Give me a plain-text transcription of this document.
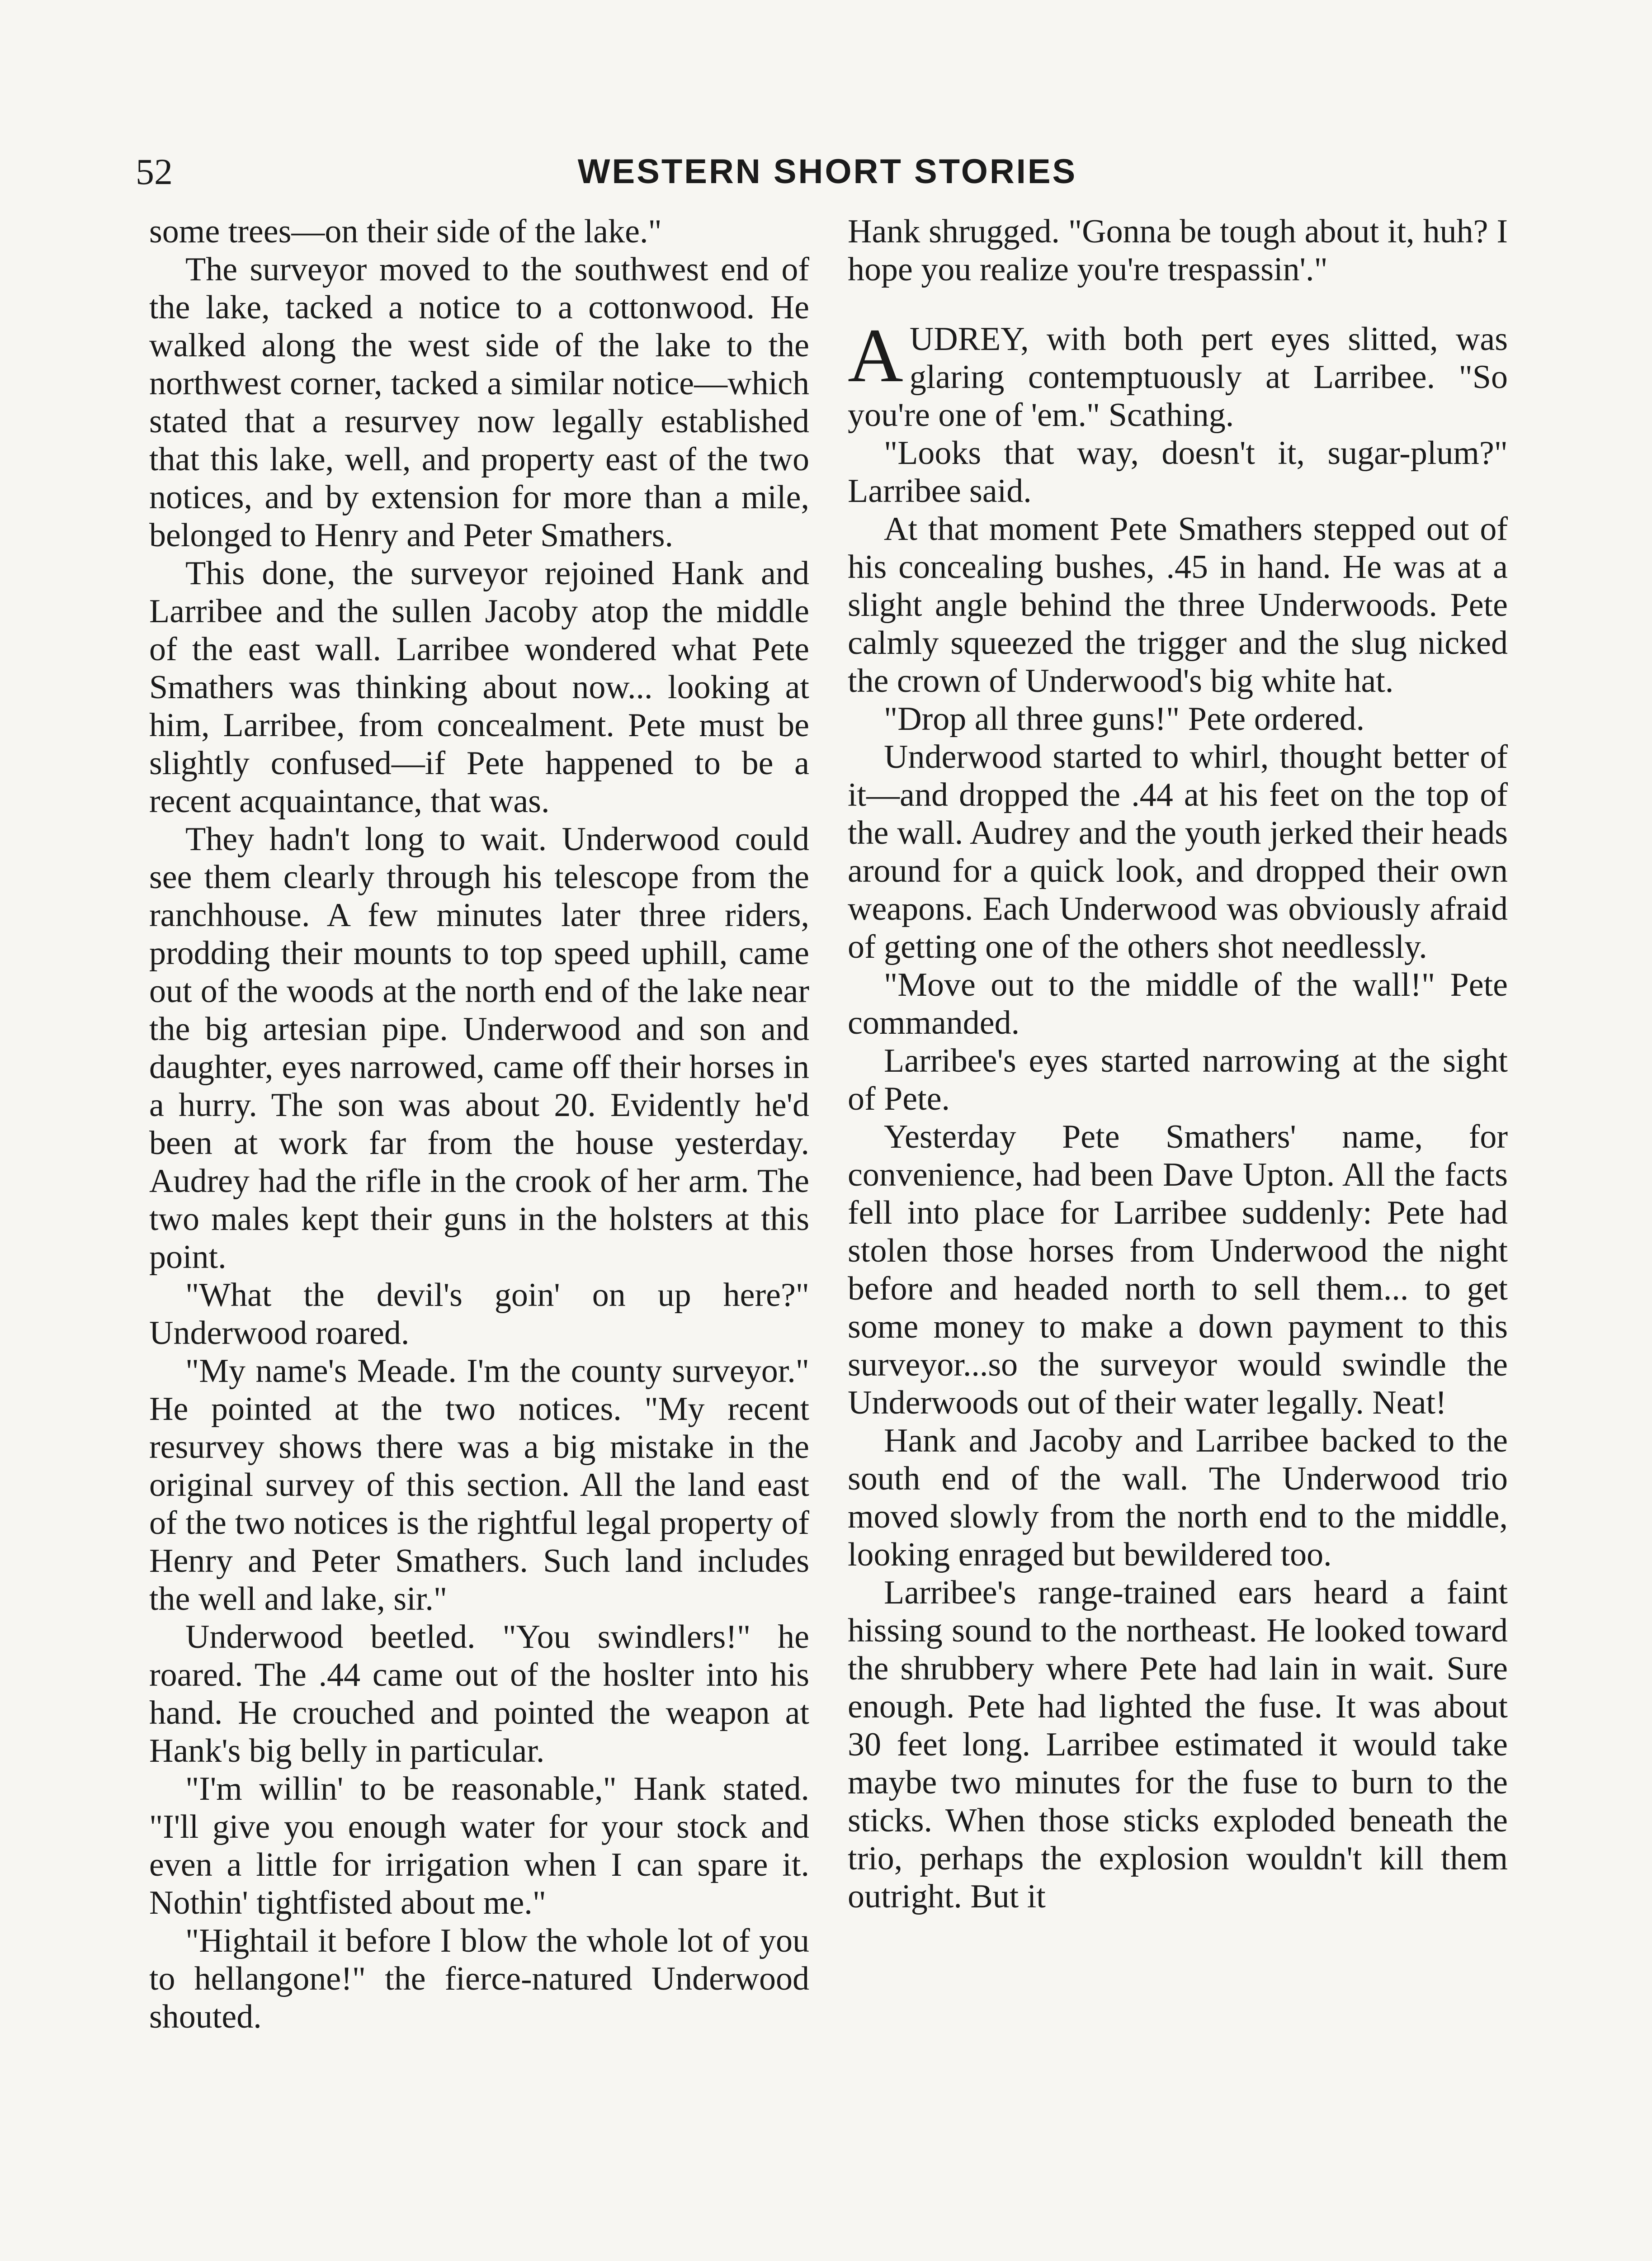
52	WESTERN SHORT STORIES

some trees—on their side of the lake."

The surveyor moved to the southwest end of the lake, tacked a notice to a cottonwood. He walked along the west side of the lake to the northwest corner, tacked a similar notice—which stated that a resurvey now legally established that this lake, well, and property east of the two notices, and by extension for more than a mile, belonged to Henry and Peter Smathers.

This done, the surveyor rejoined Hank and Larribee and the sullen Jacoby atop the middle of the east wall. Larribee wondered what Pete Smathers was thinking about now... looking at him, Larribee, from concealment. Pete must be slightly confused—if Pete happened to be a recent acquaintance, that was.

They hadn't long to wait. Underwood could see them clearly through his telescope from the ranchhouse. A few minutes later three riders, prodding their mounts to top speed uphill, came out of the woods at the north end of the lake near the big artesian pipe. Underwood and son and daughter, eyes narrowed, came off their horses in a hurry. The son was about 20. Evidently he'd been at work far from the house yesterday. Audrey had the rifle in the crook of her arm. The two males kept their guns in the holsters at this point.

"What the devil's goin' on up here?" Underwood roared.

"My name's Meade. I'm the county surveyor." He pointed at the two notices. "My recent resurvey shows there was a big mistake in the original survey of this section. All the land east of the two notices is the rightful legal property of Henry and Peter Smathers. Such land includes the well and lake, sir."

Underwood beetled. "You swindlers!" he roared. The .44 came out of the hoslter into his hand. He crouched and pointed the weapon at Hank's big belly in particular.

"I'm willin' to be reasonable," Hank stated. "I'll give you enough water for your stock and even a little for irrigation when I can spare it. Nothin' tightfisted about me."

"Hightail it before I blow the whole lot of you to hellangone!" the fierce-natured Underwood shouted.

Hank shrugged. "Gonna be tough about it, huh? I hope you realize you're trespassin'."

AUDREY, with both pert eyes slitted, was glaring contemptuously at Larribee. "So you're one of 'em." Scathing.

"Looks that way, doesn't it, sugar-plum?" Larribee said.

At that moment Pete Smathers stepped out of his concealing bushes, .45 in hand. He was at a slight angle behind the three Underwoods. Pete calmly squeezed the trigger and the slug nicked the crown of Underwood's big white hat.

"Drop all three guns!" Pete ordered.

Underwood started to whirl, thought better of it—and dropped the .44 at his feet on the top of the wall. Audrey and the youth jerked their heads around for a quick look, and dropped their own weapons. Each Underwood was obviously afraid of getting one of the others shot needlessly.

"Move out to the middle of the wall!" Pete commanded.

Larribee's eyes started narrowing at the sight of Pete.

Yesterday Pete Smathers' name, for convenience, had been Dave Upton. All the facts fell into place for Larribee suddenly: Pete had stolen those horses from Underwood the night before and headed north to sell them... to get some money to make a down payment to this surveyor...so the surveyor would swindle the Underwoods out of their water legally. Neat!

Hank and Jacoby and Larribee backed to the south end of the wall. The Underwood trio moved slowly from the north end to the middle, looking enraged but bewildered too.

Larribee's range-trained ears heard a faint hissing sound to the northeast. He looked toward the shrubbery where Pete had lain in wait. Sure enough. Pete had lighted the fuse. It was about 30 feet long. Larribee estimated it would take maybe two minutes for the fuse to burn to the sticks. When those sticks exploded beneath the trio, perhaps the explosion wouldn't kill them outright. But it
